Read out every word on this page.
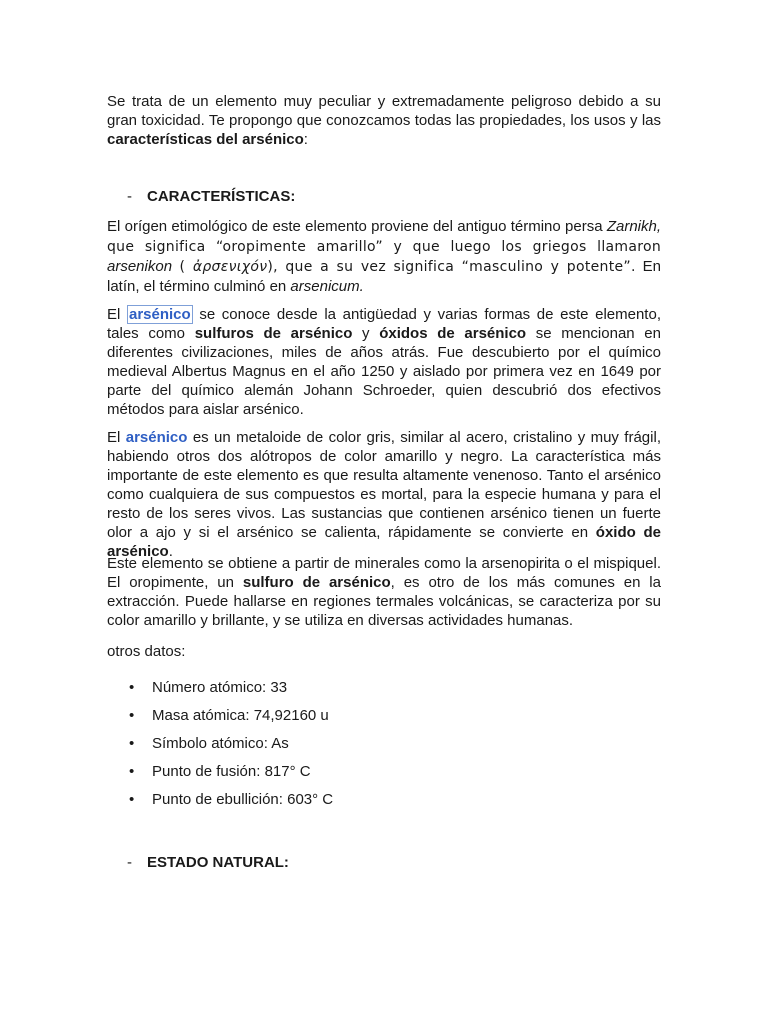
Se trata de un elemento muy peculiar y extremadamente peligroso debido a su gran toxicidad. Te propongo que conozcamos todas las propiedades, los usos y las características del arsénico:

- CARACTERÍSTICAS:

El orígen etimológico de este elemento proviene del antiguo término persa Zarnikh, que significa “oropimente amarillo” y que luego los griegos llamaron arsenikon ( ἀρσενιχόν), que a su vez significa “masculino y potente”. En latín, el término culminó en arsenicum.

El arsénico se conoce desde la antigüedad y varias formas de este elemento, tales como sulfuros de arsénico y óxidos de arsénico se mencionan en diferentes civilizaciones, miles de años atrás. Fue descubierto por el químico medieval Albertus Magnus en el año 1250 y aislado por primera vez en 1649 por parte del químico alemán Johann Schroeder, quien descubrió dos efectivos métodos para aislar arsénico.

El arsénico es un metaloide de color gris, similar al acero, cristalino y muy frágil, habiendo otros dos alótropos de color amarillo y negro. La característica más importante de este elemento es que resulta altamente venenoso. Tanto el arsénico como cualquiera de sus compuestos es mortal, para la especie humana y para el resto de los seres vivos. Las sustancias que contienen arsénico tienen un fuerte olor a ajo y si el arsénico se calienta, rápidamente se convierte en óxido de arsénico.

Este elemento se obtiene a partir de minerales como la arsenopirita o el mispiquel. El oropimente, un sulfuro de arsénico, es otro de los más comunes en la extracción. Puede hallarse en regiones termales volcánicas, se caracteriza por su color amarillo y brillante, y se utiliza en diversas actividades humanas.

otros datos:

• Número atómico: 33
• Masa atómica: 74,92160 u
• Símbolo atómico: As
• Punto de fusión: 817° C
• Punto de ebullición: 603° C
- ESTADO NATURAL:
